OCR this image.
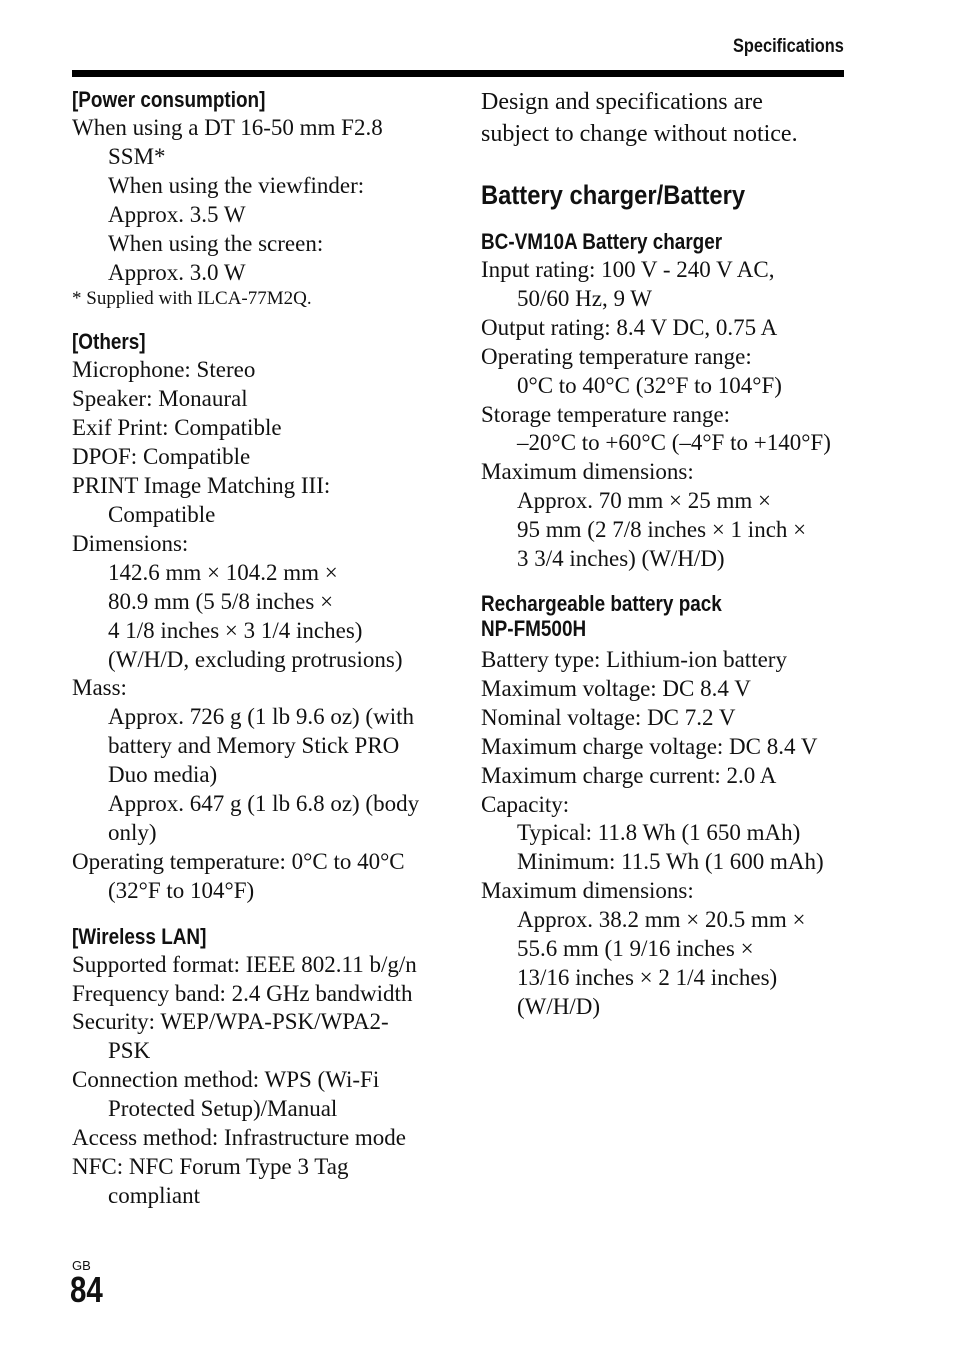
Specifications
[Power consumption]
When using a DT 16-50 mm F2.8
SSM*
When using the viewfinder:
Approx. 3.5 W
When using the screen:
Approx. 3.0 W
* Supplied with ILCA-77M2Q.
[Others]
Microphone: Stereo
Speaker: Monaural
Exif Print: Compatible
DPOF: Compatible
PRINT Image Matching III:
Compatible
Dimensions:
142.6 mm × 104.2 mm ×
80.9 mm (5 5/8 inches ×
4 1/8 inches × 3 1/4 inches)
(W/H/D, excluding protrusions)
Mass:
Approx. 726 g (1 lb 9.6 oz) (with
battery and Memory Stick PRO
Duo media)
Approx. 647 g (1 lb 6.8 oz) (body
only)
Operating temperature: 0°C to 40°C
(32°F to 104°F)
[Wireless LAN]
Supported format: IEEE 802.11 b/g/n
Frequency band: 2.4 GHz bandwidth
Security: WEP/WPA-PSK/WPA2-
PSK
Connection method: WPS (Wi-Fi
Protected Setup)/Manual
Access method: Infrastructure mode
NFC: NFC Forum Type 3 Tag
compliant
Design and specifications are
subject to change without notice.
Battery charger/Battery
BC-VM10A Battery charger
Input rating: 100 V - 240 V AC,
50/60 Hz, 9 W
Output rating: 8.4 V DC, 0.75 A
Operating temperature range:
0°C to 40°C (32°F to 104°F)
Storage temperature range:
–20°C to +60°C (–4°F to +140°F)
Maximum dimensions:
Approx. 70 mm × 25 mm ×
95 mm (2 7/8 inches × 1 inch ×
3 3/4 inches) (W/H/D)
Rechargeable battery pack
NP-FM500H
Battery type: Lithium-ion battery
Maximum voltage: DC 8.4 V
Nominal voltage: DC 7.2 V
Maximum charge voltage: DC 8.4 V
Maximum charge current: 2.0 A
Capacity:
Typical: 11.8 Wh (1 650 mAh)
Minimum: 11.5 Wh (1 600 mAh)
Maximum dimensions:
Approx. 38.2 mm × 20.5 mm ×
55.6 mm (1 9/16 inches ×
13/16 inches × 2 1/4 inches)
(W/H/D)
GB
84
